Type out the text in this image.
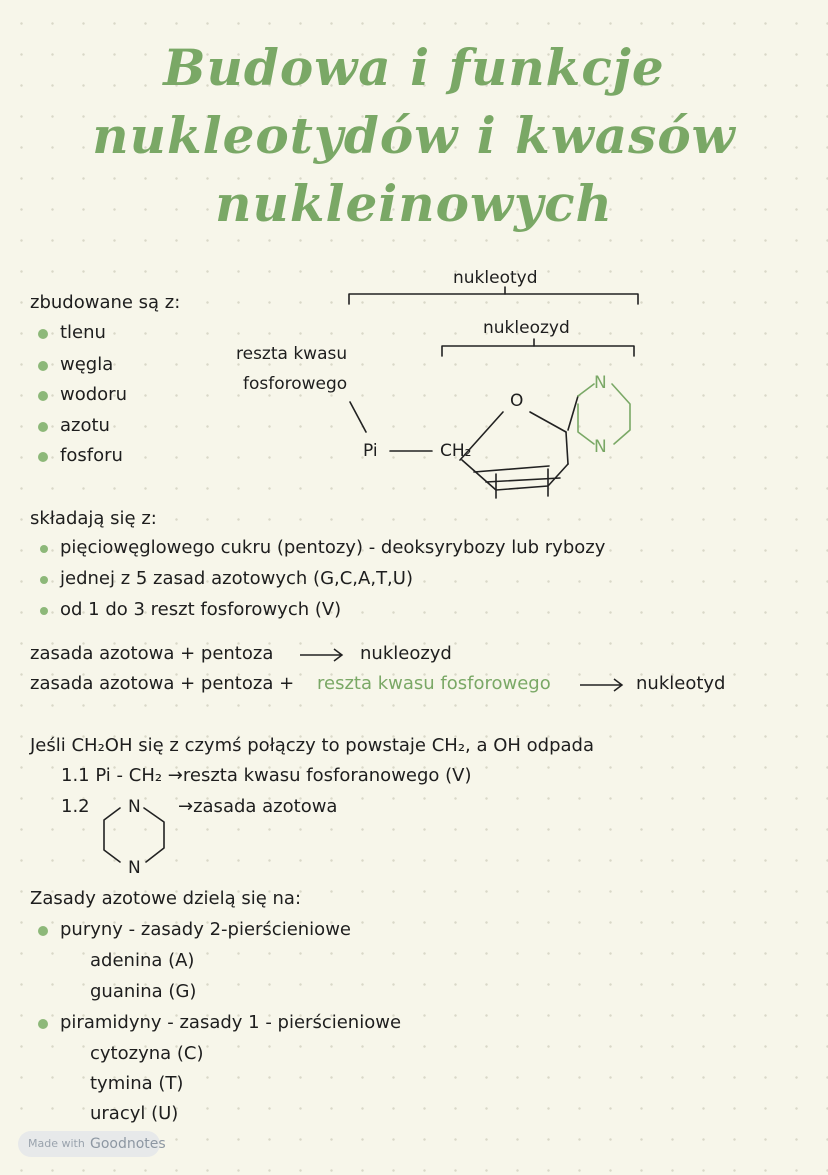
Budowa i funkcje
nukleotydów i kwasów
nukleinowych
zbudowane są z:
tlenu
węgla
wodoru
azotu
fosforu
nukleotyd
nukleozyd
reszta kwasu
fosforowego
Pi	CH₂
O
N
N
składają się z:
pięciowęglowego cukru (pentozy) - deoksyrybozy lub rybozy
jednej z 5 zasad azotowych (G,C,A,T,U)
od 1 do 3 reszt fosforowych (V)
zasada azotowa + pentoza	nukleozyd
zasada azotowa + pentoza + reszta kwasu fosforowego	nukleotyd
Jeśli CH₂OH się z czymś połączy to powstaje CH₂, a OH odpada
1.1 Pi - CH₂ →reszta kwasu fosforanowego (V)
1.2	→zasada azotowa
N
N
Zasady azotowe dzielą się na:
puryny - zasady 2-pierścieniowe
adenina (A)
guanina (G)
piramidyny - zasady 1 - pierścieniowe
cytozyna (C)
tymina (T)
uracyl (U)
Made with Goodnotes
